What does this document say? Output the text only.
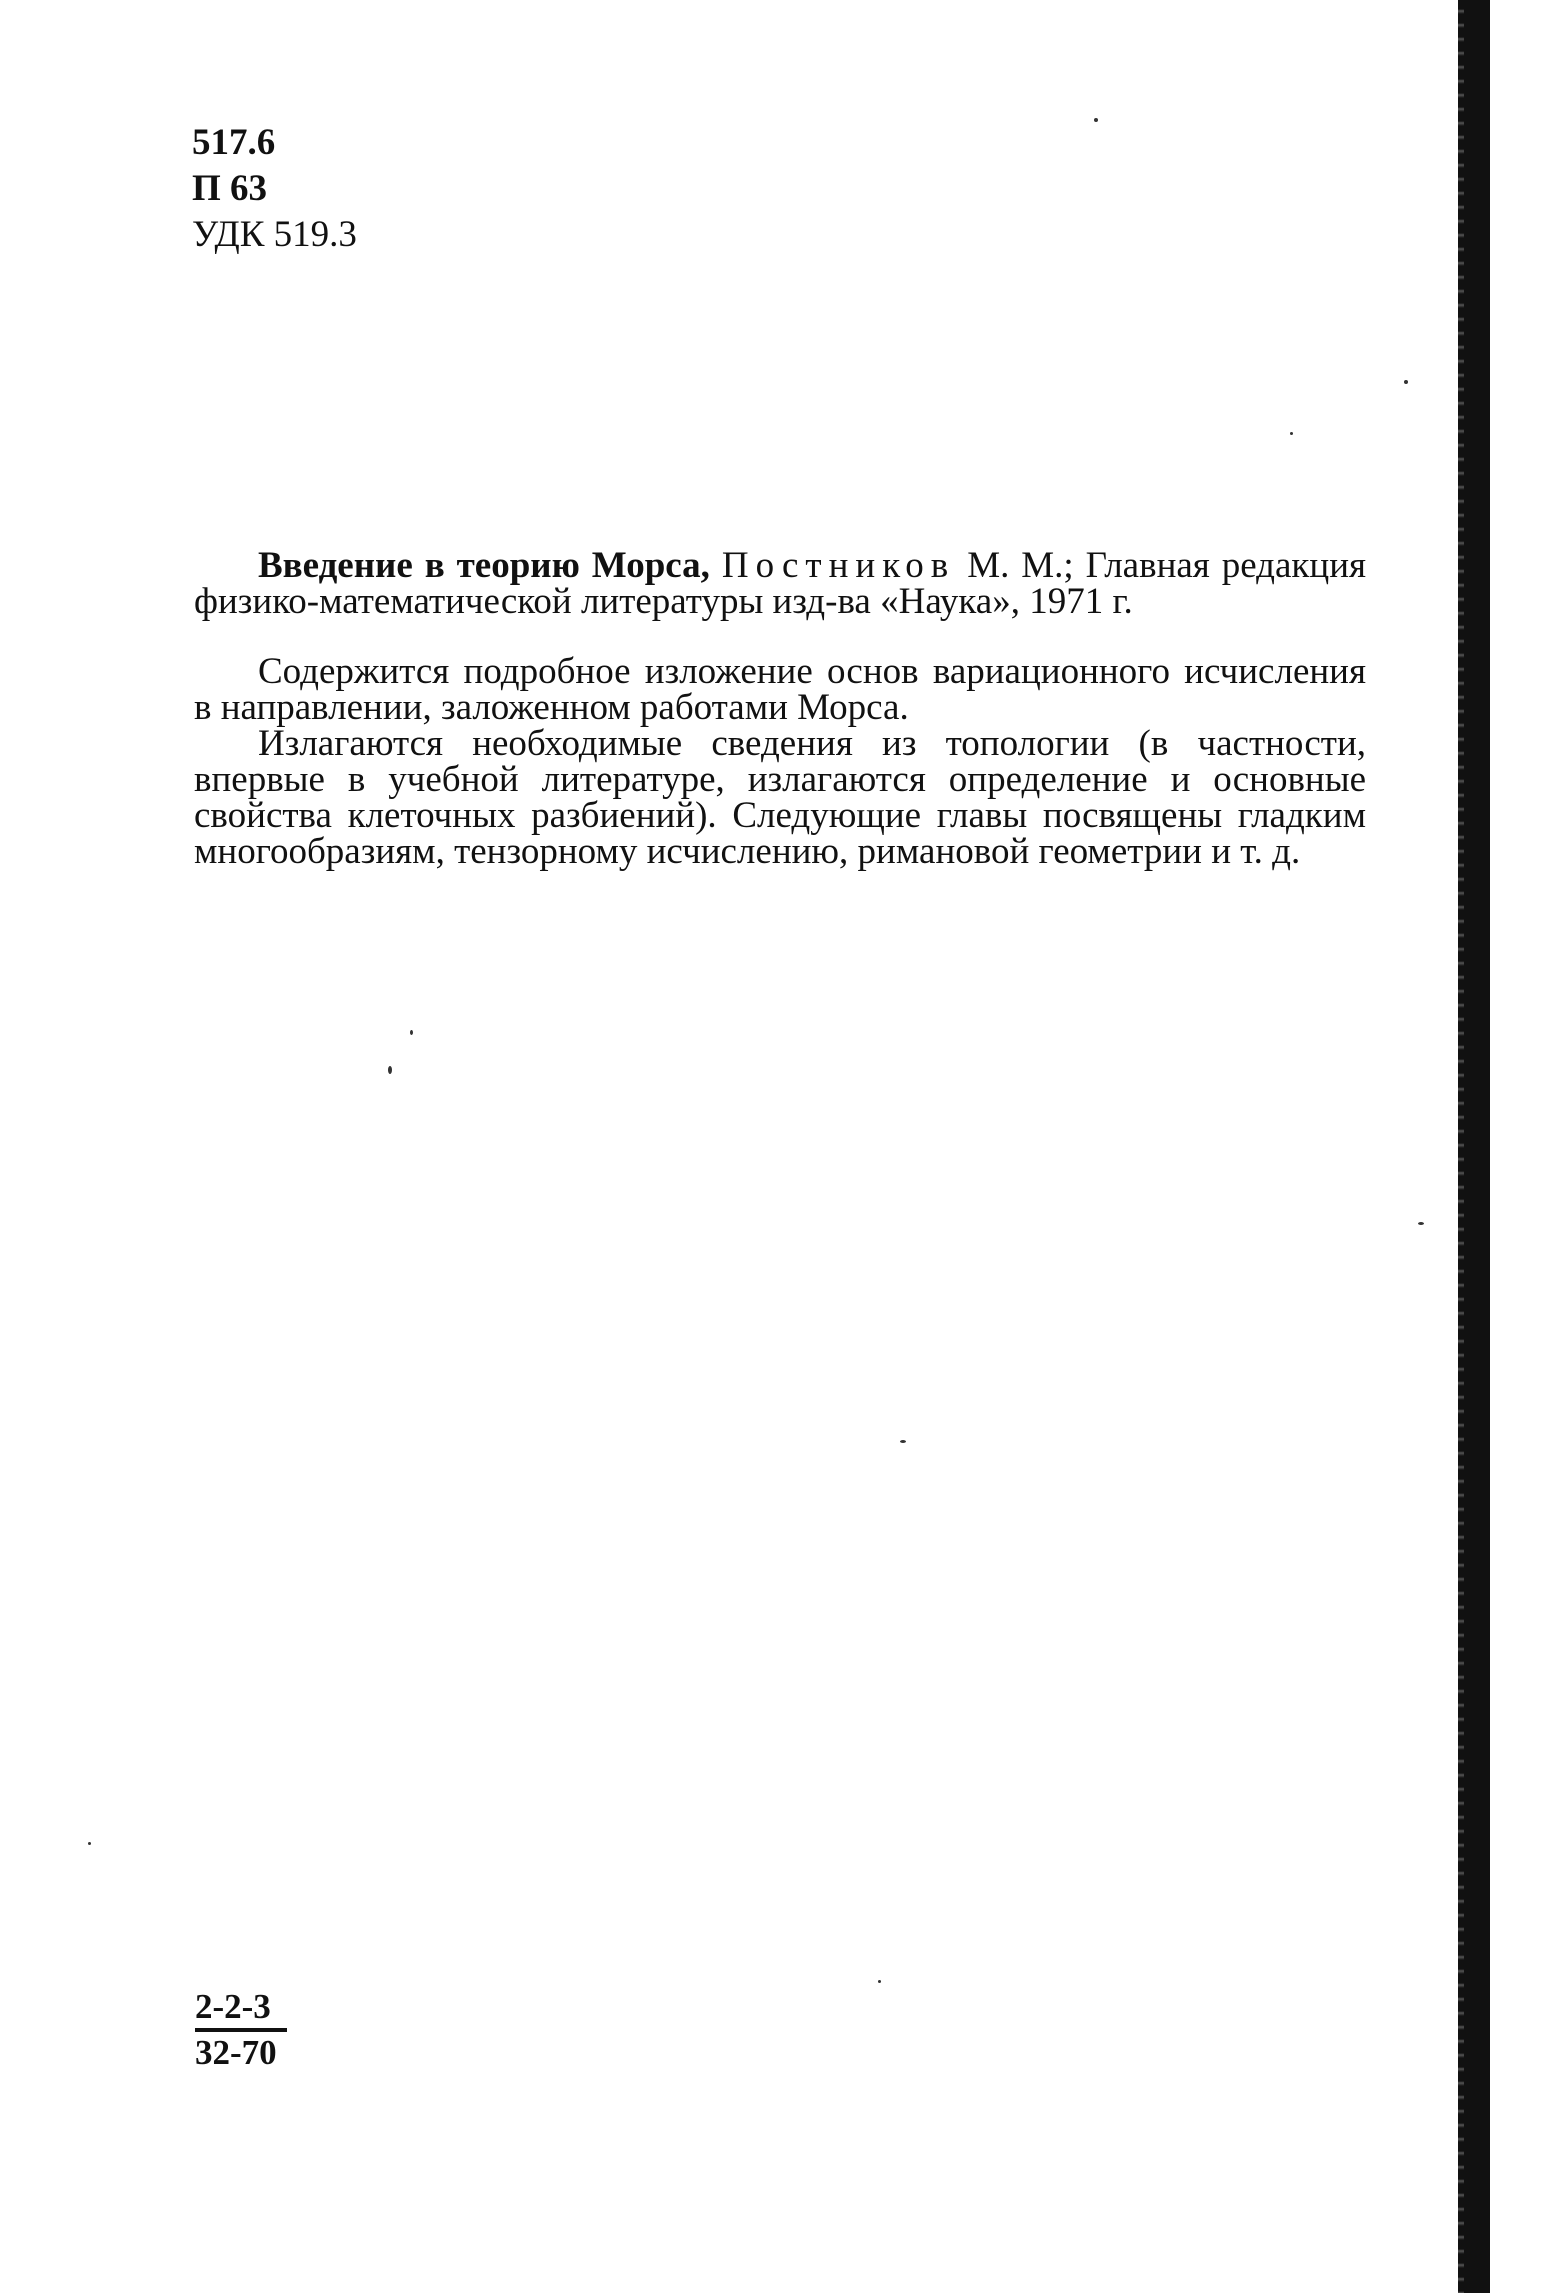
517.6
П 63
УДК 519.3

Введение в теорию Морса, Постников М. М.; Главная редакция физико-математической литературы изд-ва «Наука», 1971 г.

Содержится подробное изложение основ вариационного исчисления в направлении, заложенном работами Морса.

Излагаются необходимые сведения из топологии (в частности, впервые в учебной литературе, излагаются определение и основные свойства клеточных разбиений). Следующие главы посвящены гладким многообразиям, тензорному исчислению, римановой геометрии и т. д.

$\frac{2-2-3}{32-70}$
